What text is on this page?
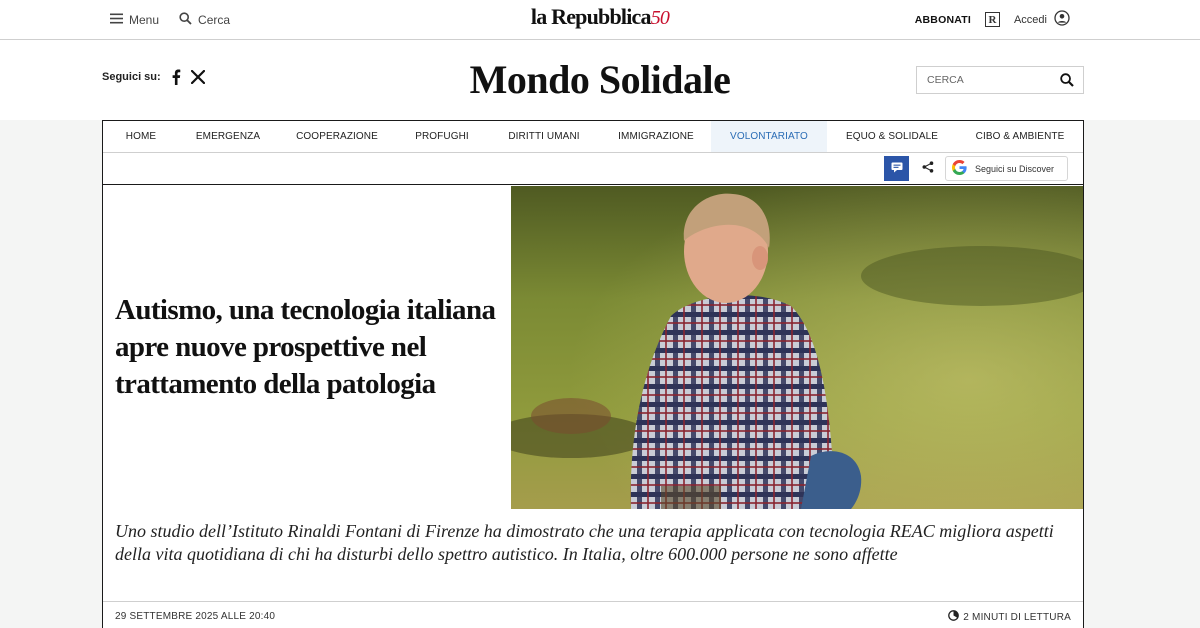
Menu	Cerca	la Repubblica50	ABBONATI	R	Accedi
Seguici su:	Mondo Solidale
CERCA
HOME	EMERGENZA	COOPERAZIONE	PROFUGHI	DIRITTI UMANI	IMMIGRAZIONE	VOLONTARIATO	EQUO & SOLIDALE	CIBO & AMBIENTE
Seguici su Discover
Autismo, una tecnologia italiana apre nuove prospettive nel trattamento della patologia

Uno studio dell’Istituto Rinaldi Fontani di Firenze ha dimostrato che una terapia applicata con tecnologia REAC migliora aspetti della vita quotidiana di chi ha disturbi dello spettro autistico. In Italia, oltre 600.000 persone ne sono affette

29 SETTEMBRE 2025 ALLE 20:40	2 MINUTI DI LETTURA
